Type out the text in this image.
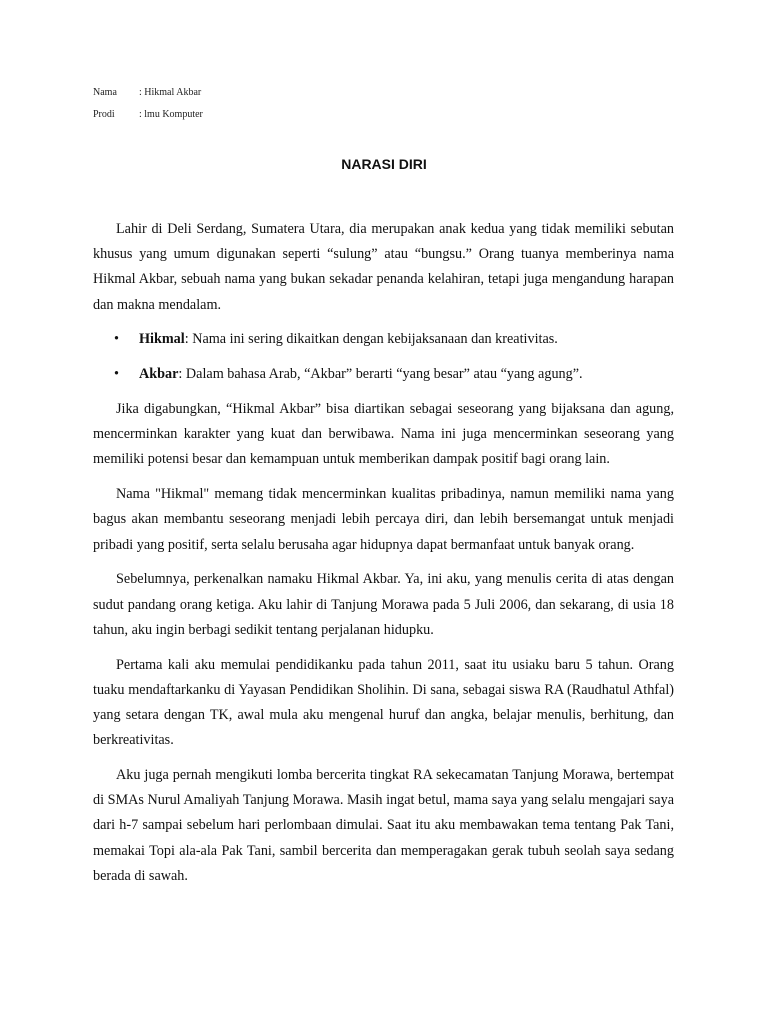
Nama : Hikmal Akbar
Prodi : lmu Komputer
NARASI DIRI

Lahir di Deli Serdang, Sumatera Utara, dia merupakan anak kedua yang tidak memiliki sebutan khusus yang umum digunakan seperti “sulung” atau “bungsu.” Orang tuanya memberinya nama Hikmal Akbar, sebuah nama yang bukan sekadar penanda kelahiran, tetapi juga mengandung harapan dan makna mendalam.

• Hikmal: Nama ini sering dikaitkan dengan kebijaksanaan dan kreativitas.
• Akbar: Dalam bahasa Arab, “Akbar” berarti “yang besar” atau “yang agung”.

Jika digabungkan, “Hikmal Akbar” bisa diartikan sebagai seseorang yang bijaksana dan agung, mencerminkan karakter yang kuat dan berwibawa. Nama ini juga mencerminkan seseorang yang memiliki potensi besar dan kemampuan untuk memberikan dampak positif bagi orang lain.

Nama "Hikmal" memang tidak mencerminkan kualitas pribadinya, namun memiliki nama yang bagus akan membantu seseorang menjadi lebih percaya diri, dan lebih bersemangat untuk menjadi pribadi yang positif, serta selalu berusaha agar hidupnya dapat bermanfaat untuk banyak orang.

Sebelumnya, perkenalkan namaku Hikmal Akbar. Ya, ini aku, yang menulis cerita di atas dengan sudut pandang orang ketiga. Aku lahir di Tanjung Morawa pada 5 Juli 2006, dan sekarang, di usia 18 tahun, aku ingin berbagi sedikit tentang perjalanan hidupku.

Pertama kali aku memulai pendidikanku pada tahun 2011, saat itu usiaku baru 5 tahun. Orang tuaku mendaftarkanku di Yayasan Pendidikan Sholihin. Di sana, sebagai siswa RA (Raudhatul Athfal) yang setara dengan TK, awal mula aku mengenal huruf dan angka, belajar menulis, berhitung, dan berkreativitas.

Aku juga pernah mengikuti lomba bercerita tingkat RA sekecamatan Tanjung Morawa, bertempat di SMAs Nurul Amaliyah Tanjung Morawa. Masih ingat betul, mama saya yang selalu mengajari saya dari h-7 sampai sebelum hari perlombaan dimulai. Saat itu aku membawakan tema tentang Pak Tani, memakai Topi ala-ala Pak Tani, sambil bercerita dan memperagakan gerak tubuh seolah saya sedang berada di sawah.
